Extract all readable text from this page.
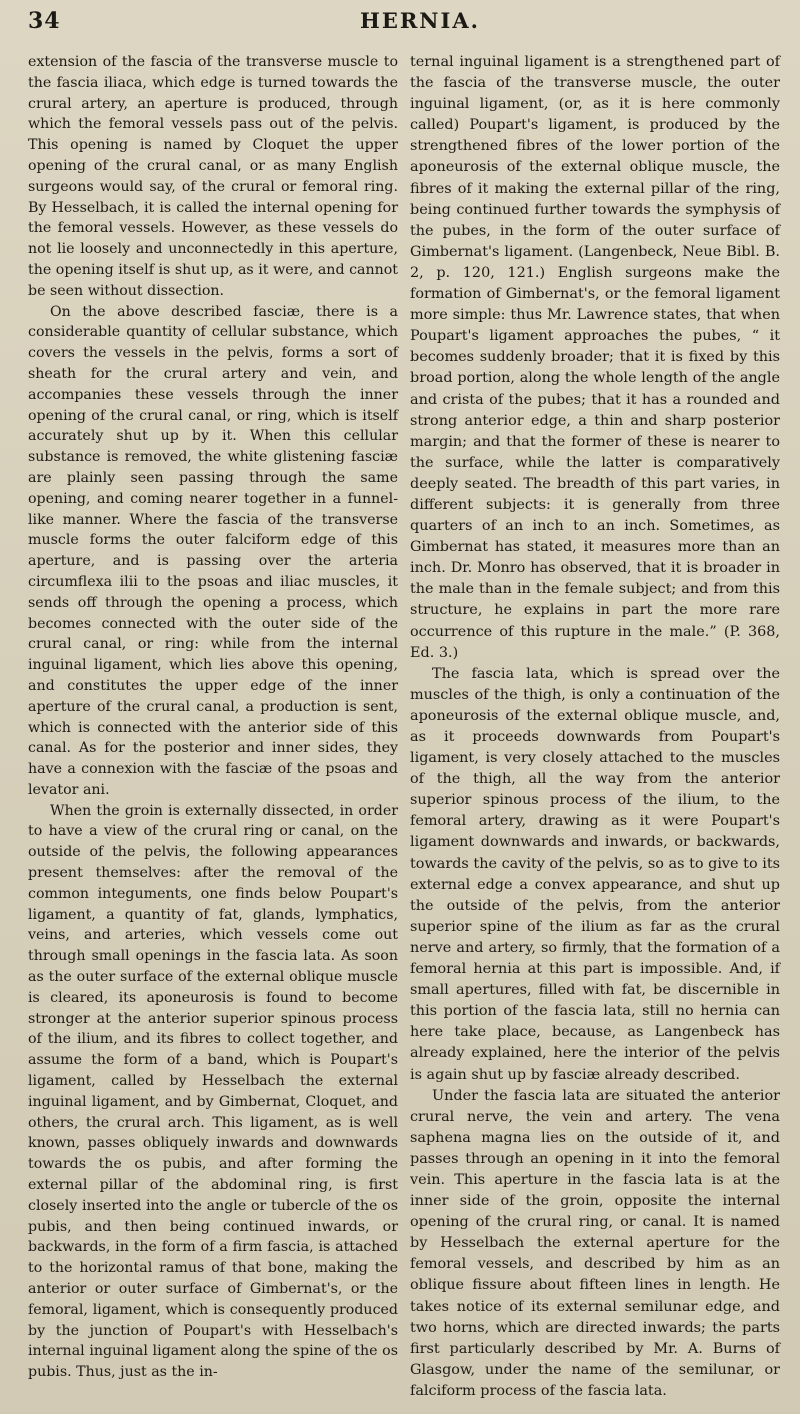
34	HERNIA.

extension of the fascia of the transverse muscle to the fascia iliaca, which edge is turned towards the crural artery, an aperture is produced, through which the femoral vessels pass out of the pelvis. This opening is named by Cloquet the upper opening of the crural canal, or as many English surgeons would say, of the crural or femoral ring. By Hesselbach, it is called the internal opening for the femoral vessels. However, as these vessels do not lie loosely and unconnectedly in this aperture, the opening itself is shut up, as it were, and cannot be seen without dissection.

On the above described fasciæ, there is a considerable quantity of cellular substance, which covers the vessels in the pelvis, forms a sort of sheath for the crural artery and vein, and accompanies these vessels through the inner opening of the crural canal, or ring, which is itself accurately shut up by it. When this cellular substance is removed, the white glistening fasciæ are plainly seen passing through the same opening, and coming nearer together in a funnel-like manner. Where the fascia of the transverse muscle forms the outer falciform edge of this aperture, and is passing over the arteria circumflexa ilii to the psoas and iliac muscles, it sends off through the opening a process, which becomes connected with the outer side of the crural canal, or ring: while from the internal inguinal ligament, which lies above this opening, and constitutes the upper edge of the inner aperture of the crural canal, a production is sent, which is connected with the anterior side of this canal. As for the posterior and inner sides, they have a connexion with the fasciæ of the psoas and levator ani.

When the groin is externally dissected, in order to have a view of the crural ring or canal, on the outside of the pelvis, the following appearances present themselves: after the removal of the common integuments, one finds below Poupart's ligament, a quantity of fat, glands, lymphatics, veins, and arteries, which vessels come out through small openings in the fascia lata. As soon as the outer surface of the external oblique muscle is cleared, its aponeurosis is found to become stronger at the anterior superior spinous process of the ilium, and its fibres to collect together, and assume the form of a band, which is Poupart's ligament, called by Hesselbach the external inguinal ligament, and by Gimbernat, Cloquet, and others, the crural arch. This ligament, as is well known, passes obliquely inwards and downwards towards the os pubis, and after forming the external pillar of the abdominal ring, is first closely inserted into the angle or tubercle of the os pubis, and then being continued inwards, or backwards, in the form of a firm fascia, is attached to the horizontal ramus of that bone, making the anterior or outer surface of Gimbernat's, or the femoral, ligament, which is consequently produced by the junction of Poupart's with Hesselbach's internal inguinal ligament along the spine of the os pubis. Thus, just as the in-

ternal inguinal ligament is a strengthened part of the fascia of the transverse muscle, the outer inguinal ligament, (or, as it is here commonly called) Poupart's ligament, is produced by the strengthened fibres of the lower portion of the aponeurosis of the external oblique muscle, the fibres of it making the external pillar of the ring, being continued further towards the symphysis of the pubes, in the form of the outer surface of Gimbernat's ligament. (Langenbeck, Neue Bibl. B. 2, p. 120, 121.) English surgeons make the formation of Gimbernat's, or the femoral ligament more simple: thus Mr. Lawrence states, that when Poupart's ligament approaches the pubes, “ it becomes suddenly broader; that it is fixed by this broad portion, along the whole length of the angle and crista of the pubes; that it has a rounded and strong anterior edge, a thin and sharp posterior margin; and that the former of these is nearer to the surface, while the latter is comparatively deeply seated. The breadth of this part varies, in different subjects: it is generally from three quarters of an inch to an inch. Sometimes, as Gimbernat has stated, it measures more than an inch. Dr. Monro has observed, that it is broader in the male than in the female subject; and from this structure, he explains in part the more rare occurrence of this rupture in the male.” (P. 368, Ed. 3.)

The fascia lata, which is spread over the muscles of the thigh, is only a continuation of the aponeurosis of the external oblique muscle, and, as it proceeds downwards from Poupart's ligament, is very closely attached to the muscles of the thigh, all the way from the anterior superior spinous process of the ilium, to the femoral artery, drawing as it were Poupart's ligament downwards and inwards, or backwards, towards the cavity of the pelvis, so as to give to its external edge a convex appearance, and shut up the outside of the pelvis, from the anterior superior spine of the ilium as far as the crural nerve and artery, so firmly, that the formation of a femoral hernia at this part is impossible. And, if small apertures, filled with fat, be discernible in this portion of the fascia lata, still no hernia can here take place, because, as Langenbeck has already explained, here the interior of the pelvis is again shut up by fasciæ already described.

Under the fascia lata are situated the anterior crural nerve, the vein and artery. The vena saphena magna lies on the outside of it, and passes through an opening in it into the femoral vein. This aperture in the fascia lata is at the inner side of the groin, opposite the internal opening of the crural ring, or canal. It is named by Hesselbach the external aperture for the femoral vessels, and described by him as an oblique fissure about fifteen lines in length. He takes notice of its external semilunar edge, and two horns, which are directed inwards; the parts first particularly described by Mr. A. Burns of Glasgow, under the name of the semilunar, or falciform process of the fascia lata.
